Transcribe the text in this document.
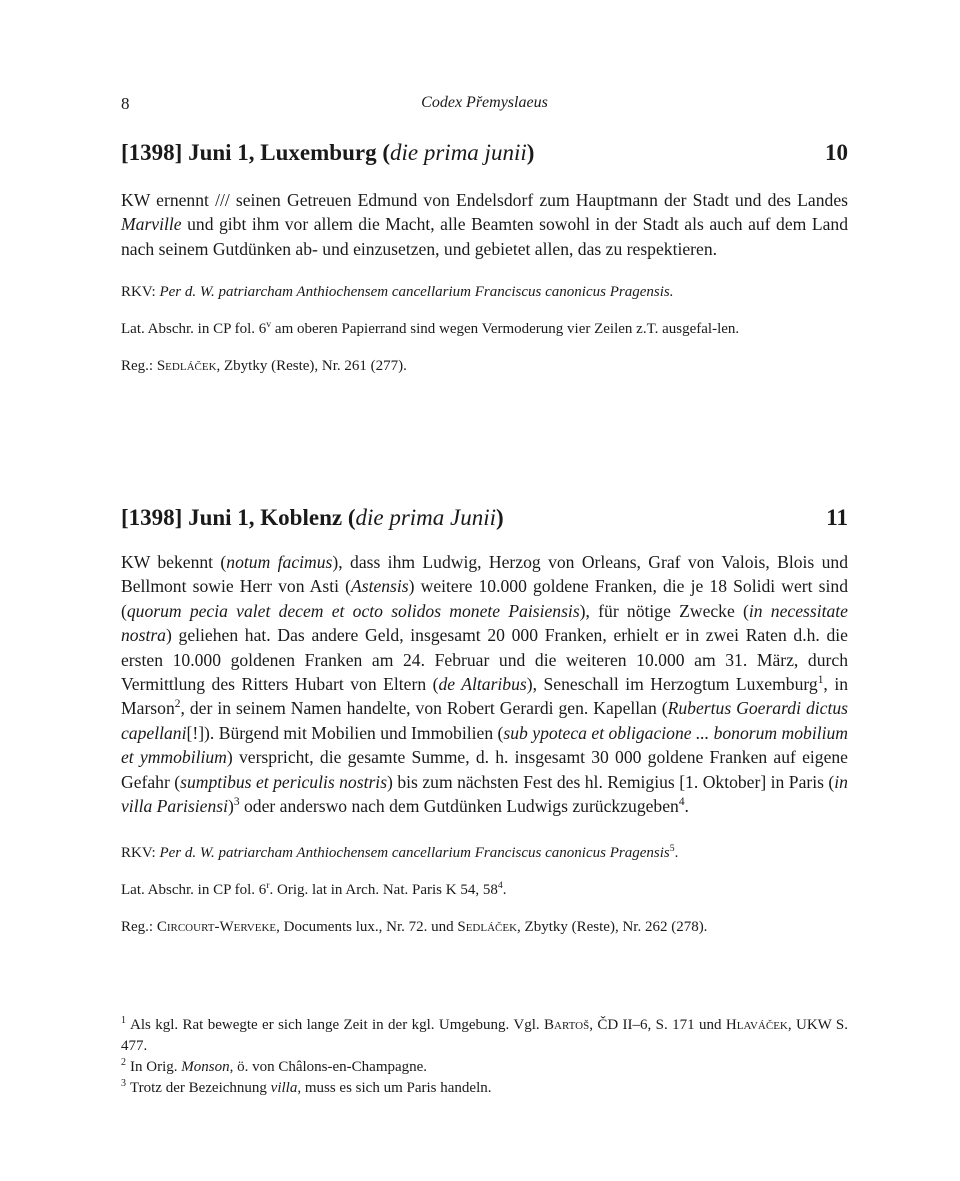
8	Codex Přemyslaeus
[1398] Juni 1, Luxemburg (die prima junii)	10

KW ernennt /// seinen Getreuen Edmund von Endelsdorf zum Hauptmann der Stadt und des Landes Marville und gibt ihm vor allem die Macht, alle Beamten sowohl in der Stadt als auch auf dem Land nach seinem Gutdünken ab- und einzusetzen, und gebietet allen, das zu respektieren.

RKV: Per d. W. patriarcham Anthiochensem cancellarium Franciscus canonicus Pragensis.

Lat. Abschr. in CP fol. 6$^v$ am oberen Papierrand sind wegen Vermoderung vier Zeilen z.T. ausgefal-len.

Reg.: Sedláček, Zbytky (Reste), Nr. 261 (277).

[1398] Juni 1, Koblenz (die prima Junii)	11

KW bekennt (notum facimus), dass ihm Ludwig, Herzog von Orleans, Graf von Valois, Blois und Bellmont sowie Herr von Asti (Astensis) weitere 10.000 goldene Franken, die je 18 Solidi wert sind (quorum pecia valet decem et octo solidos monete Paisiensis), für nötige Zwecke (in necessitate nostra) geliehen hat. Das andere Geld, insgesamt 20 000 Franken, erhielt er in zwei Raten d.h. die ersten 10.000 goldenen Franken am 24. Februar und die weiteren 10.000 am 31. März, durch Vermittlung des Ritters Hubart von Eltern (de Altaribus), Seneschall im Herzogtum Luxemburg$^1$, in Marson$^2$, der in seinem Namen handelte, von Robert Gerardi gen. Kapellan (Rubertus Goerardi dictus capellani[!]). Bürgend mit Mobilien und Immobilien (sub ypoteca et obligacione ... bonorum mobilium et ymmobilium) verspricht, die gesamte Summe, d. h. insgesamt 30 000 goldene Franken auf eigene Gefahr (sumptibus et periculis nostris) bis zum nächsten Fest des hl. Remigius [1. Oktober] in Paris (in villa Parisiensi)$^3$ oder anderswo nach dem Gutdünken Ludwigs zurückzugeben$^4$.

RKV: Per d. W. patriarcham Anthiochensem cancellarium Franciscus canonicus Pragensis$^5$.

Lat. Abschr. in CP fol. 6$^r$. Orig. lat in Arch. Nat. Paris K 54, $58^4$.

Reg.: Circourt-Werveke, Documents lux., Nr. 72. und Sedláček, Zbytky (Reste), Nr. 262 (278).

$^1$ Als kgl. Rat bewegte er sich lange Zeit in der kgl. Umgebung. Vgl. Bartoš, ČD II–6, S. 171 und Hlaváček, UKW S. 477.

$^2$ In Orig. Monson, ö. von Châlons-en-Champagne.

$^3$ Trotz der Bezeichnung villa, muss es sich um Paris handeln.
